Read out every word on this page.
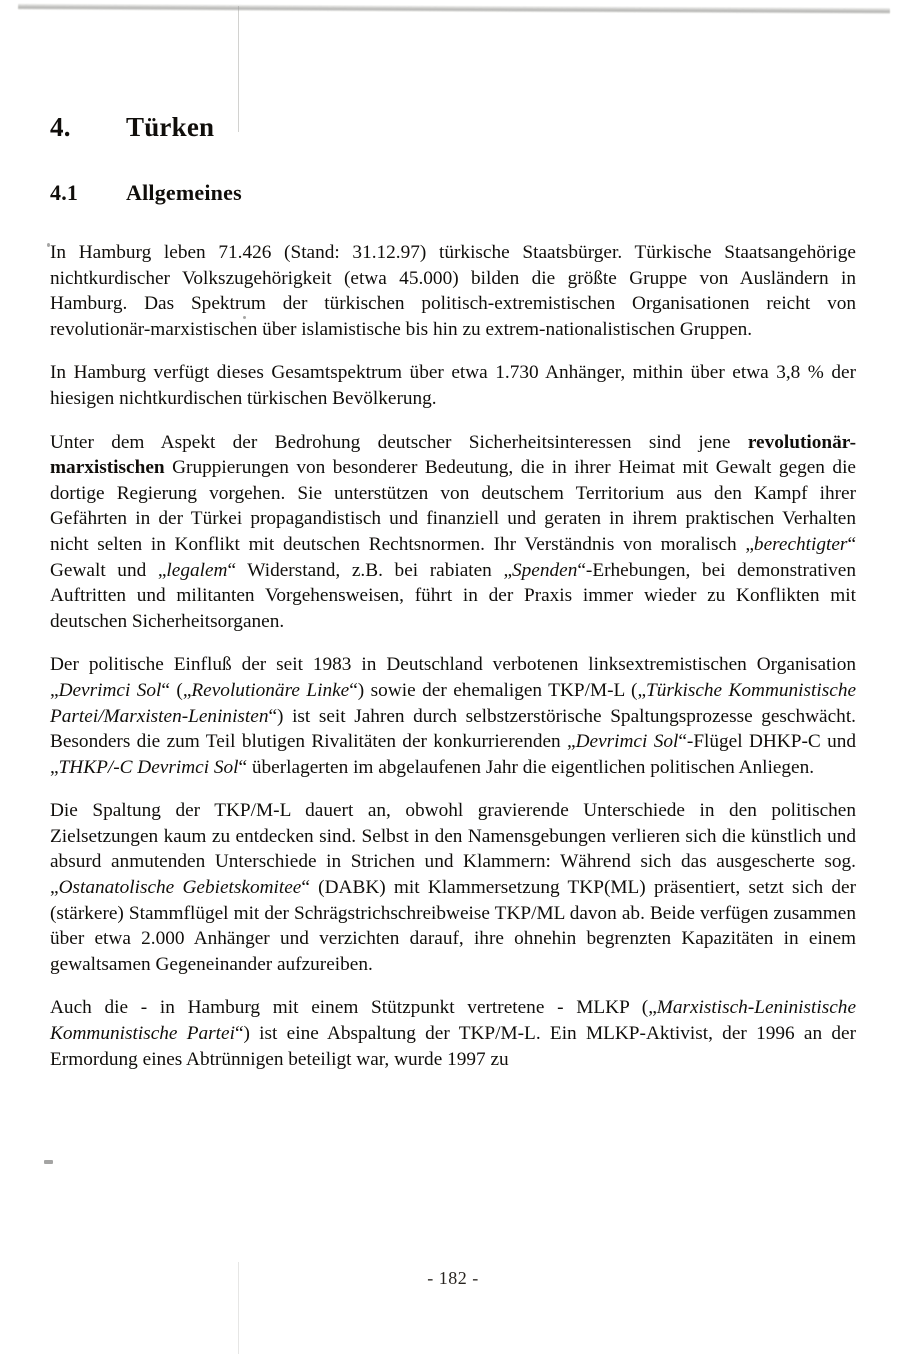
4. Türken
4.1 Allgemeines

In Hamburg leben 71.426 (Stand: 31.12.97) türkische Staatsbürger. Türkische Staatsangehörige nichtkurdischer Volkszugehörigkeit (etwa 45.000) bilden die größte Gruppe von Ausländern in Hamburg. Das Spektrum der türkischen politisch-extremistischen Organisationen reicht von revolutionär-marxistischen über islamistische bis hin zu extrem-nationalistischen Gruppen.

In Hamburg verfügt dieses Gesamtspektrum über etwa 1.730 Anhänger, mithin über etwa 3,8 % der hiesigen nichtkurdischen türkischen Bevölkerung.

Unter dem Aspekt der Bedrohung deutscher Sicherheitsinteressen sind jene revolutionär-marxistischen Gruppierungen von besonderer Bedeutung, die in ihrer Heimat mit Gewalt gegen die dortige Regierung vorgehen. Sie unterstützen von deutschem Territorium aus den Kampf ihrer Gefährten in der Türkei propagandistisch und finanziell und geraten in ihrem praktischen Verhalten nicht selten in Konflikt mit deutschen Rechtsnormen. Ihr Verständnis von moralisch „berechtigter“ Gewalt und „legalem“ Widerstand, z.B. bei rabiaten „Spenden“-Erhebungen, bei demonstrativen Auftritten und militanten Vorgehensweisen, führt in der Praxis immer wieder zu Konflikten mit deutschen Sicherheitsorganen.

Der politische Einfluß der seit 1983 in Deutschland verbotenen linksextremistischen Organisation „Devrimci Sol“ („Revolutionäre Linke“) sowie der ehemaligen TKP/M-L („Türkische Kommunistische Partei/Marxisten-Leninisten“) ist seit Jahren durch selbstzerstörische Spaltungsprozesse geschwächt. Besonders die zum Teil blutigen Rivalitäten der konkurrierenden „Devrimci Sol“-Flügel DHKP-C und „THKP/-C Devrimci Sol“ überlagerten im abgelaufenen Jahr die eigentlichen politischen Anliegen.

Die Spaltung der TKP/M-L dauert an, obwohl gravierende Unterschiede in den politischen Zielsetzungen kaum zu entdecken sind. Selbst in den Namensgebungen verlieren sich die künstlich und absurd anmutenden Unterschiede in Strichen und Klammern: Während sich das ausgescherte sog. „Ostanatolische Gebietskomitee“ (DABK) mit Klammersetzung TKP(ML) präsentiert, setzt sich der (stärkere) Stammflügel mit der Schrägstrichschreibweise TKP/ML davon ab. Beide verfügen zusammen über etwa 2.000 Anhänger und verzichten darauf, ihre ohnehin begrenzten Kapazitäten in einem gewaltsamen Gegeneinander aufzureiben.

Auch die - in Hamburg mit einem Stützpunkt vertretene - MLKP („Marxistisch-Leninistische Kommunistische Partei“) ist eine Abspaltung der TKP/M-L. Ein MLKP-Aktivist, der 1996 an der Ermordung eines Abtrünnigen beteiligt war, wurde 1997 zu

- 182 -
